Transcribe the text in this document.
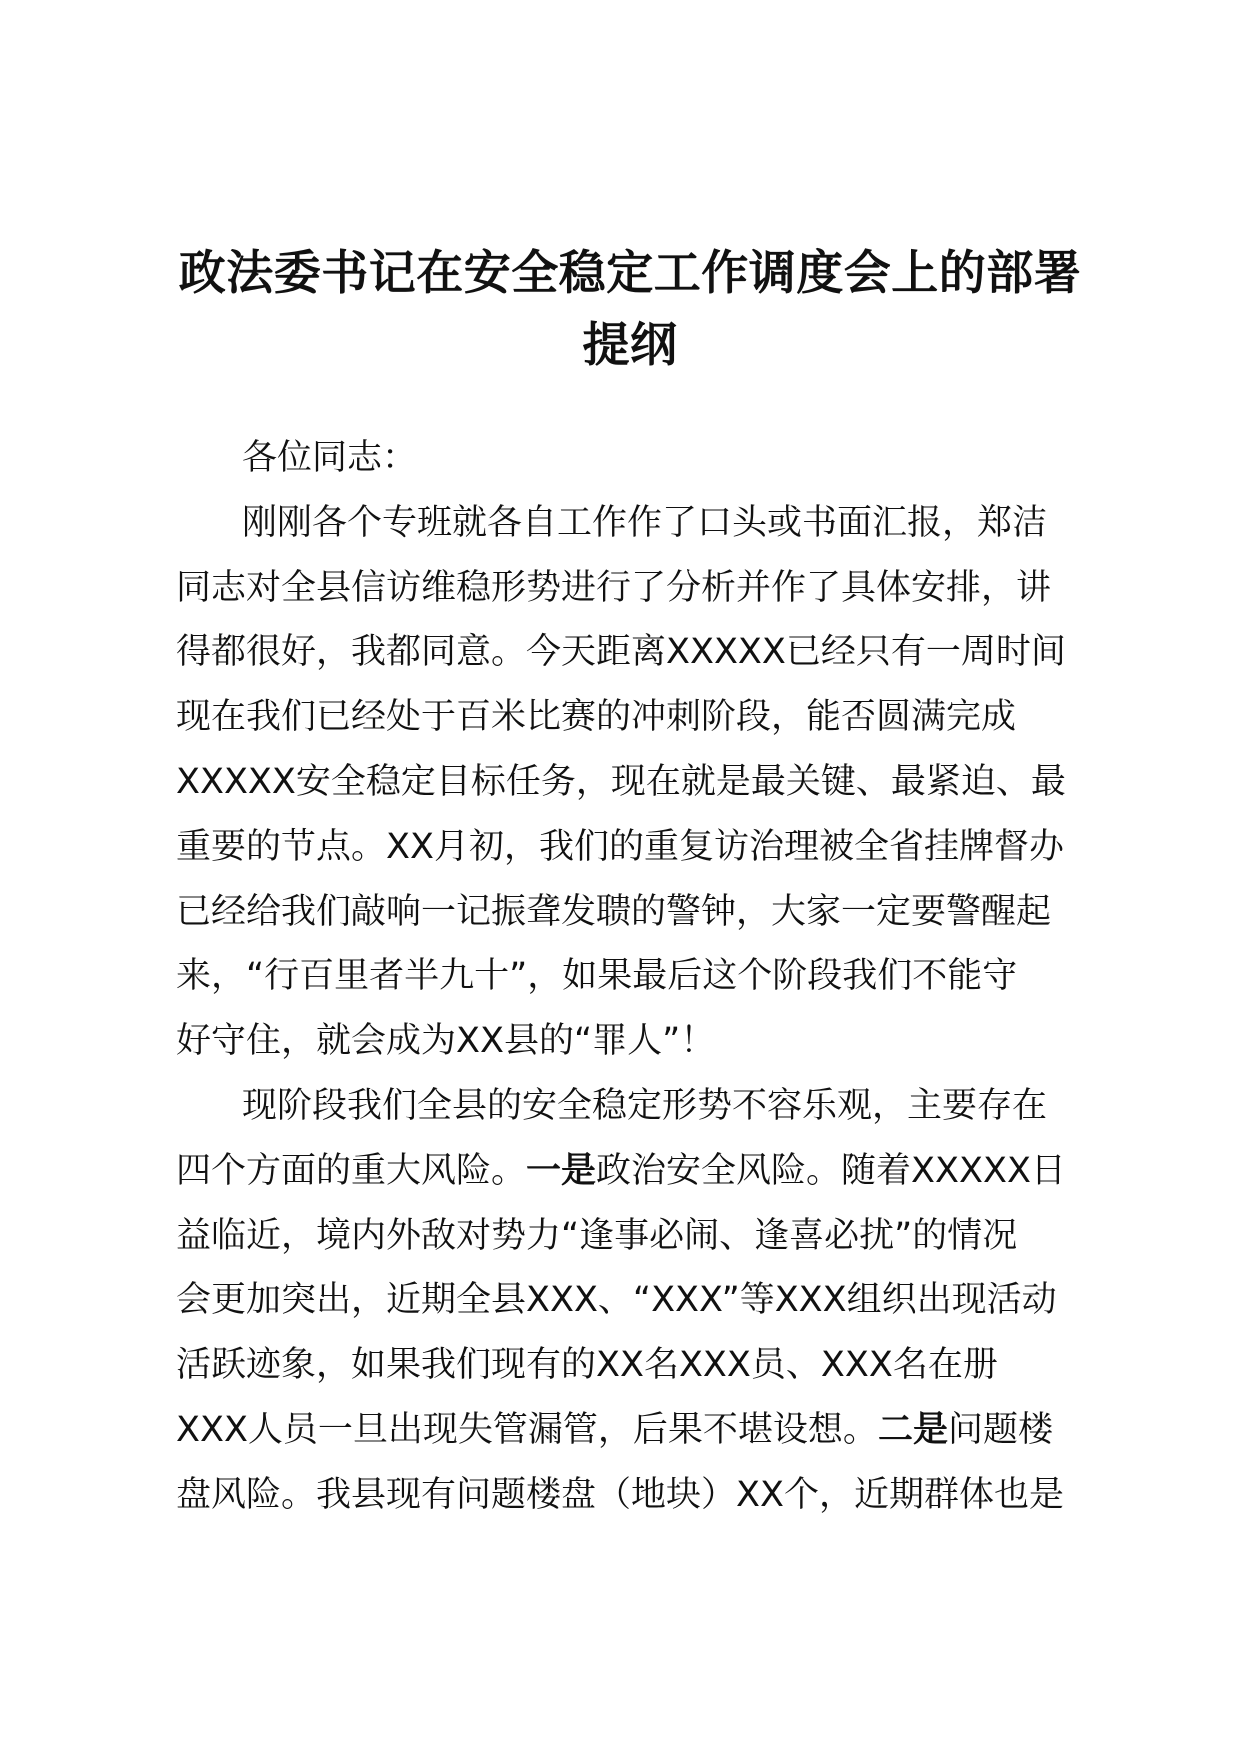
政法委书记在安全稳定工作调度会上的部署
提纲
各位同志：
刚刚各个专班就各自工作作了口头或书面汇报，郑洁
同志对全县信访维稳形势进行了分析并作了具体安排，讲
得都很好，我都同意。今天距离XXXXX已经只有一周时间
现在我们已经处于百米比赛的冲刺阶段，能否圆满完成
XXXXX安全稳定目标任务，现在就是最关键、最紧迫、最
重要的节点。XX月初，我们的重复访治理被全省挂牌督办
已经给我们敲响一记振聋发聩的警钟，大家一定要警醒起
来，“行百里者半九十”，如果最后这个阶段我们不能守
好守住，就会成为XX县的“罪人”！
现阶段我们全县的安全稳定形势不容乐观，主要存在
四个方面的重大风险。一是政治安全风险。随着XXXXX日
益临近，境内外敌对势力“逢事必闹、逢喜必扰”的情况
会更加突出，近期全县XXX、“XXX”等XXX组织出现活动
活跃迹象，如果我们现有的XX名XXX员、XXX名在册
XXX人员一旦出现失管漏管，后果不堪设想。二是问题楼
盘风险。我县现有问题楼盘（地块）XX个，近期群体也是
